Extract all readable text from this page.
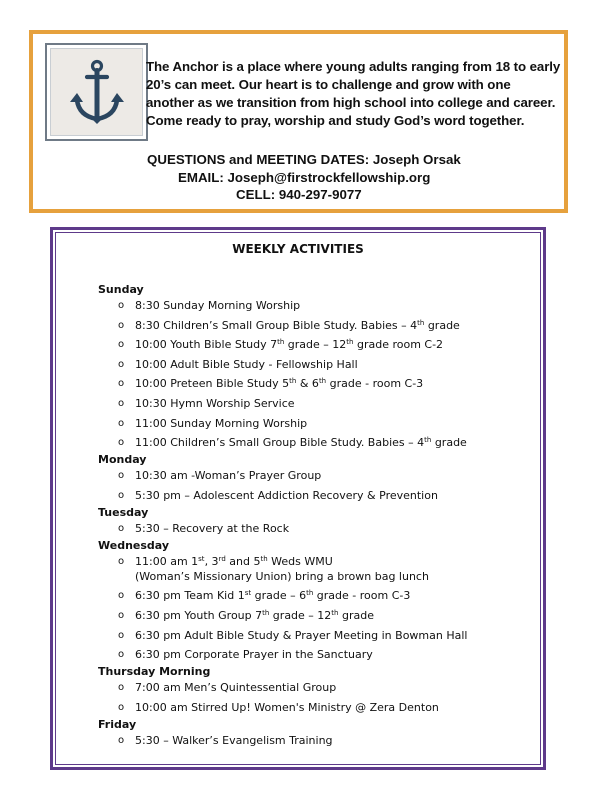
The Anchor is a place where young adults ranging from 18 to early 20’s can meet. Our heart is to challenge and grow with one another as we transition from high school into college and career. Come ready to pray, worship and study God’s word together.

QUESTIONS and MEETING DATES: Joseph Orsak
EMAIL: Joseph@firstrockfellowship.org
CELL: 940-297-9077
WEEKLY ACTIVITIES
Sunday
o 8:30 Sunday Morning Worship
o 8:30 Children’s Small Group Bible Study. Babies – 4th grade
o 10:00 Youth Bible Study 7th grade – 12th grade room C-2
o 10:00 Adult Bible Study - Fellowship Hall
o 10:00 Preteen Bible Study 5th & 6th grade - room C-3
o 10:30 Hymn Worship Service
o 11:00 Sunday Morning Worship
o 11:00 Children’s Small Group Bible Study. Babies – 4th grade
Monday
o 10:30 am -Woman’s Prayer Group
o 5:30 pm – Adolescent Addiction Recovery & Prevention
Tuesday
o 5:30 – Recovery at the Rock
Wednesday
o 11:00 am 1st, 3rd and 5th Weds WMU
(Woman’s Missionary Union) bring a brown bag lunch
o 6:30 pm Team Kid 1st grade – 6th grade - room C-3
o 6:30 pm Youth Group 7th grade – 12th grade
o 6:30 pm Adult Bible Study & Prayer Meeting in Bowman Hall
o 6:30 pm Corporate Prayer in the Sanctuary
Thursday Morning
o 7:00 am Men’s Quintessential Group
o 10:00 am Stirred Up! Women's Ministry @ Zera Denton
Friday
o 5:30 – Walker’s Evangelism Training
